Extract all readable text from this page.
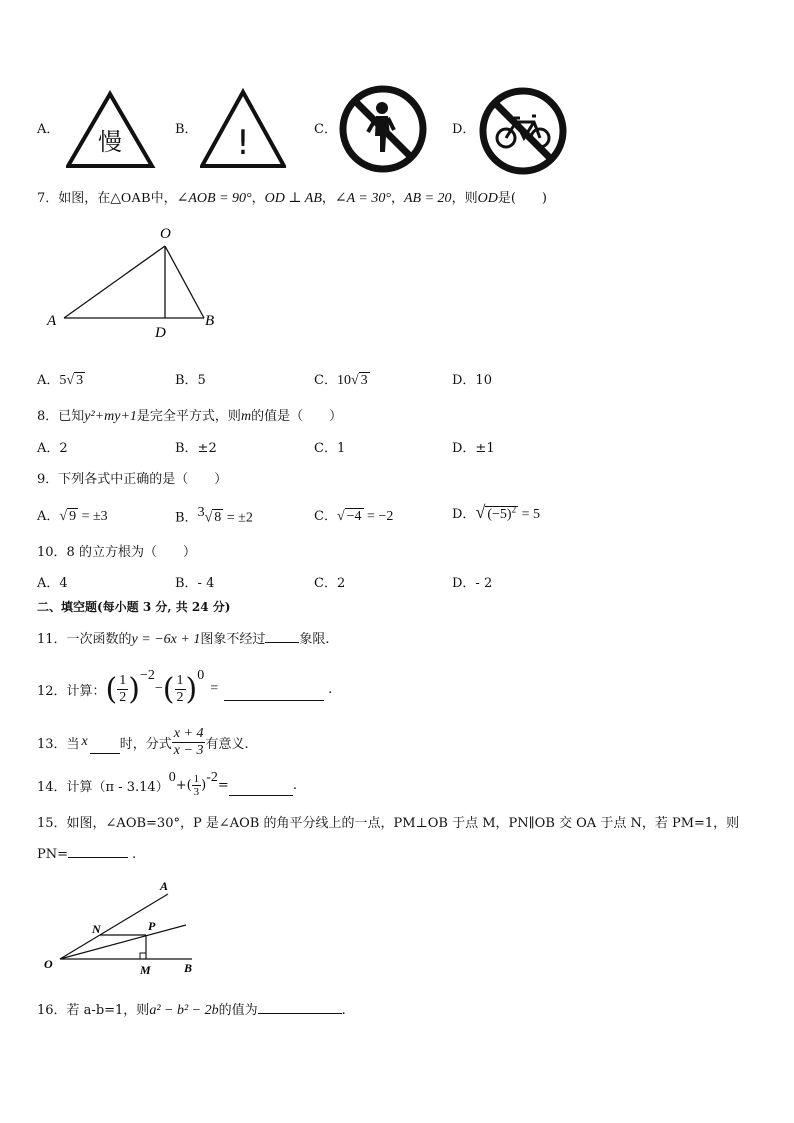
A． 慢	B． !	C．	D．
7．如图，在△OAB中，∠AOB = 90°，OD ⊥ AB，∠A = 30°，AB = 20，则OD是(　　)
O
A
D
B
A．5√ 3	B．5	C．10√ 3	D．10
8．已知y²+my+1是完全平方式，则m的值是（　　）
A．2	B．±2	C．1	D．±1
9．下列各式中正确的是（　　）
A．√ 9 = ±3	B．$^3$√ 8 = ±2	C．√ −4 = −2	D．√ $(-5)^2 = 5$
10．8 的立方根为（　　）
A．4	B．- 4	C．2	D．- 2
二、填空题(每小题 3 分, 共 24 分)
11．一次函数的y = −6x + 1图象不经过	象限.
12．计算： ( $\frac{1}{2}$ ) −2
− ( $\frac{1}{2}$ ) 0
=	.
13．当 x 时，分式 $\frac{x + 4}{x - 3}$ 有意义.
14．计算（π - 3.14）
0 +( $\frac{1}{3}$ ) -2 =	.
15．如图，∠AOB=30°，P 是∠AOB 的角平分线上的一点，PM⊥OB 于点 M，PN∥OB 交 OA 于点 N，若 PM=1，则
PN=	.
A
N	P
O	M	B
16．若 a-b=1，则a² − b² − 2b的值为	.
